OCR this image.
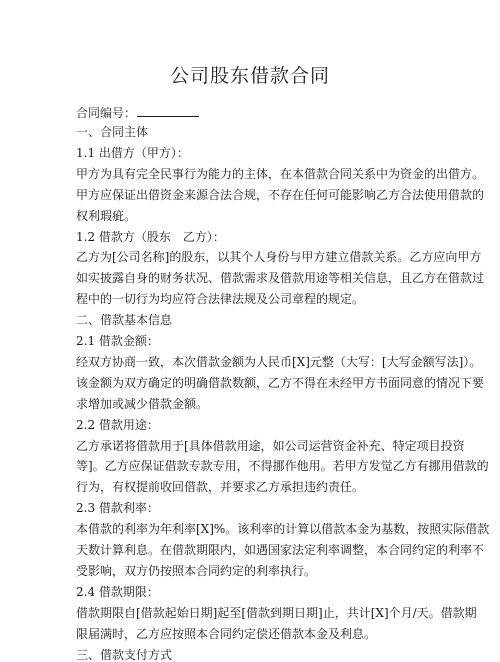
公司股东借款合同
合同编号：
一、合同主体
1.1 出借方（甲方）：
甲方为具有完全民事行为能力的主体，在本借款合同关系中为资金的出借方。
甲方应保证出借资金来源合法合规，不存在任何可能影响乙方合法使用借款的
权利瑕疵。
1.2 借款方（股东　乙方）：
乙方为[公司名称]的股东，以其个人身份与甲方建立借款关系。乙方应向甲方
如实披露自身的财务状况、借款需求及借款用途等相关信息，且乙方在借款过
程中的一切行为均应符合法律法规及公司章程的规定。
二、借款基本信息
2.1 借款金额：
经双方协商一致，本次借款金额为人民币[X]元整（大写：[大写金额写法]）。
该金额为双方确定的明确借款数额，乙方不得在未经甲方书面同意的情况下要
求增加或减少借款金额。
2.2 借款用途：
乙方承诺将借款用于[具体借款用途，如公司运营资金补充、特定项目投资
等]。乙方应保证借款专款专用，不得挪作他用。若甲方发觉乙方有挪用借款的
行为，有权提前收回借款，并要求乙方承担违约责任。
2.3 借款利率：
本借款的利率为年利率[X]%。该利率的计算以借款本金为基数，按照实际借款
天数计算利息。在借款期限内，如遇国家法定利率调整，本合同约定的利率不
受影响，双方仍按照本合同约定的利率执行。
2.4 借款期限：
借款期限自[借款起始日期]起至[借款到期日期]止，共计[X]个月/天。借款期
限届满时，乙方应按照本合同约定偿还借款本金及利息。
三、借款支付方式
